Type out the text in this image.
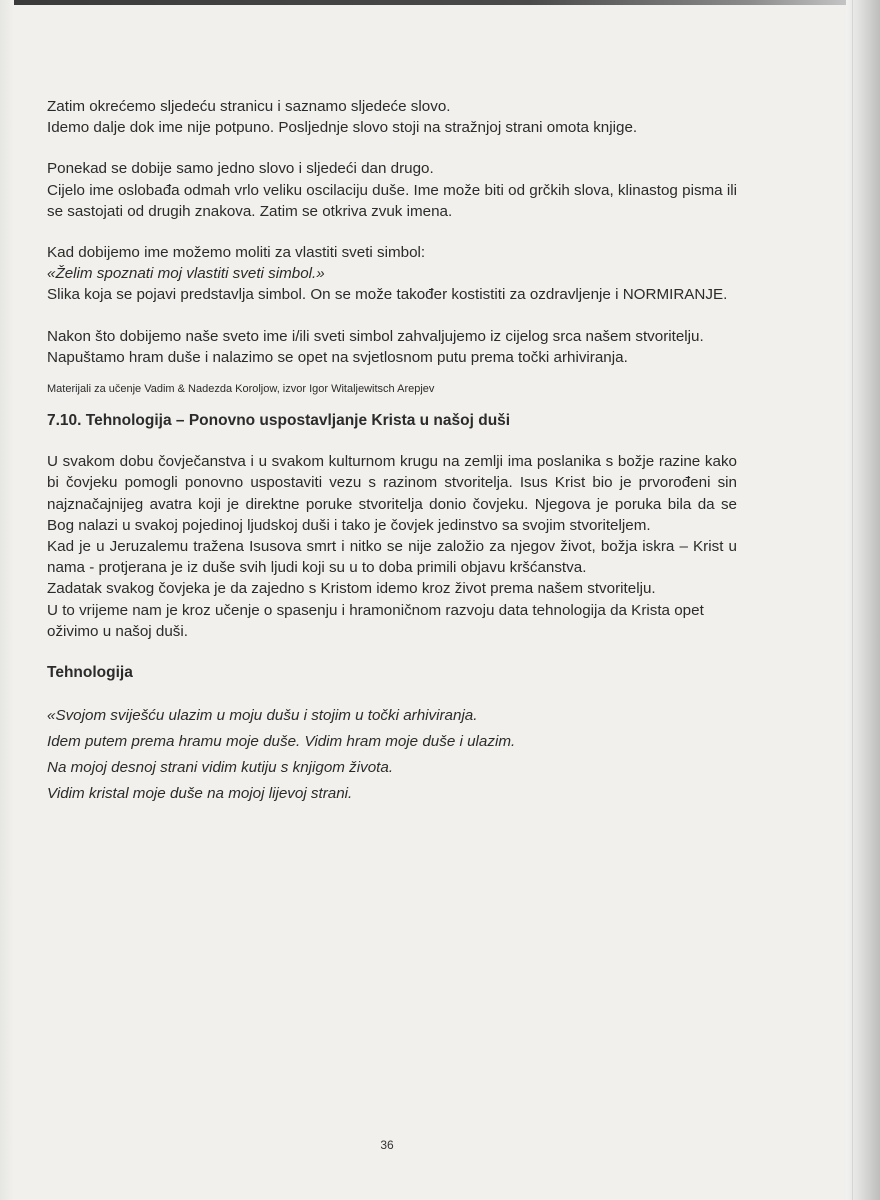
Zatim okrećemo sljedeću stranicu i saznamo sljedeće slovo.

Idemo dalje dok ime nije potpuno. Posljednje slovo stoji na stražnjoj strani omota knjige.

Ponekad se dobije samo jedno slovo i sljedeći dan drugo.

Cijelo ime oslobađa odmah vrlo veliku oscilaciju duše. Ime može biti od grčkih slova, klinastog pisma ili se sastojati od drugih znakova. Zatim se otkriva zvuk imena.

Kad dobijemo ime možemo moliti za vlastiti sveti simbol:

«Želim spoznati moj vlastiti sveti simbol.»

Slika koja se pojavi predstavlja simbol. On se može također kostistiti za ozdravljenje i NORMIRANJE.

Nakon što dobijemo naše sveto ime i/ili sveti simbol zahvaljujemo iz cijelog srca našem stvoritelju.

Napuštamo hram duše i nalazimo se opet na svjetlosnom putu prema točki arhiviranja.

Materijali za učenje Vadim & Nadezda Koroljow, izvor Igor Witaljewitsch Arepjev

7.10. Tehnologija – Ponovno uspostavljanje Krista u našoj duši

U svakom dobu čovječanstva i u svakom kulturnom krugu na zemlji ima poslanika s božje razine kako bi čovjeku pomogli ponovno uspostaviti vezu s razinom stvoritelja. Isus Krist bio je prvorođeni sin najznačajnijeg avatra koji je direktne poruke stvoritelja donio čovjeku. Njegova je poruka bila da se Bog nalazi u svakoj pojedinoj ljudskoj duši i tako je čovjek jedinstvo sa svojim stvoriteljem.

Kad je u Jeruzalemu tražena Isusova smrt i nitko se nije založio za njegov život, božja iskra – Krist u nama - protjerana je iz duše svih ljudi koji su u to doba primili objavu kršćanstva.

Zadatak svakog čovjeka je da zajedno s Kristom idemo kroz život prema našem stvoritelju.

U to vrijeme nam je kroz učenje o spasenju i hramoničnom razvoju data tehnologija da Krista opet oživimo u našoj duši.

Tehnologija

«Svojom sviješću ulazim u moju dušu i stojim u točki arhiviranja.

Idem putem prema hramu moje duše. Vidim hram moje duše i ulazim.

Na mojoj desnoj strani vidim kutiju s knjigom života.

Vidim kristal moje duše na mojoj lijevoj strani.

36
